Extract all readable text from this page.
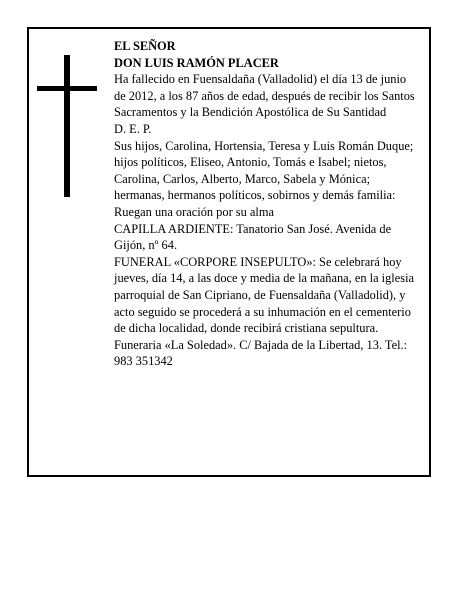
EL SEÑOR

DON LUIS RAMÓN PLACER

Ha fallecido en Fuensaldaña (Valladolid) el día 13 de junio de 2012, a los 87 años de edad, después de recibir los Santos Sacramentos y la Bendición Apostólica de Su Santidad

D. E. P.

Sus hijos, Carolina, Hortensia, Teresa y Luis Román Duque; hijos políticos, Eliseo, Antonio, Tomás e Isabel; nietos, Carolina, Carlos, Alberto, Marco, Sabela y Mónica; hermanas, hermanos políticos, sobirnos y demás familia:

Ruegan una oración por su alma

CAPILLA ARDIENTE: Tanatorio San José. Avenida de Gijón, nº 64.

FUNERAL «CORPORE INSEPULTO»: Se celebrará hoy jueves, día 14, a las doce y media de la mañana, en la iglesia parroquial de San Cipriano, de Fuensaldaña (Valladolid), y acto seguido se procederá a su inhumación en el cementerio de dicha localidad, donde recibirá cristiana sepultura.

Funeraria «La Soledad». C/ Bajada de la Libertad, 13. Tel.: 983 351342
